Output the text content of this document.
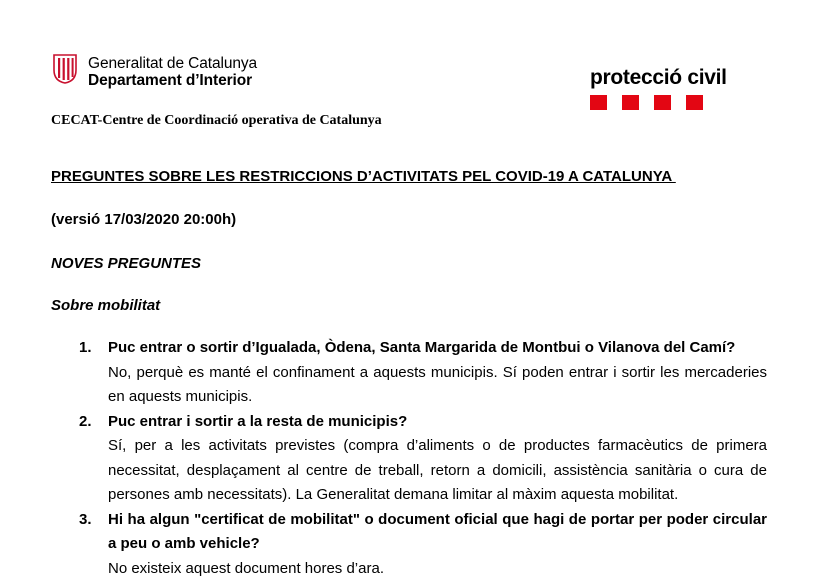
Generalitat de Catalunya
Departament d’Interior	protecció civil
CECAT-Centre de Coordinació operativa de Catalunya
PREGUNTES SOBRE LES RESTRICCIONS D’ACTIVITATS PEL COVID-19 A CATALUNYA
(versió 17/03/2020 20:00h)
NOVES PREGUNTES
Sobre mobilitat
1. Puc entrar o sortir d’Igualada, Òdena, Santa Margarida de Montbui o Vilanova del Camí?
No, perquè es manté el confinament a aquests municipis. Sí poden entrar i sortir les mercaderies en aquests municipis.
2. Puc entrar i sortir a la resta de municipis?
Sí, per a les activitats previstes (compra d’aliments o de productes farmacèutics de primera necessitat, desplaçament al centre de treball, retorn a domicili, assistència sanitària o cura de persones amb necessitats). La Generalitat demana limitar al màxim aquesta mobilitat.
3. Hi ha algun "certificat de mobilitat" o document oficial que hagi de portar per poder circular a peu o amb vehicle?
No existeix aquest document hores d’ara.
